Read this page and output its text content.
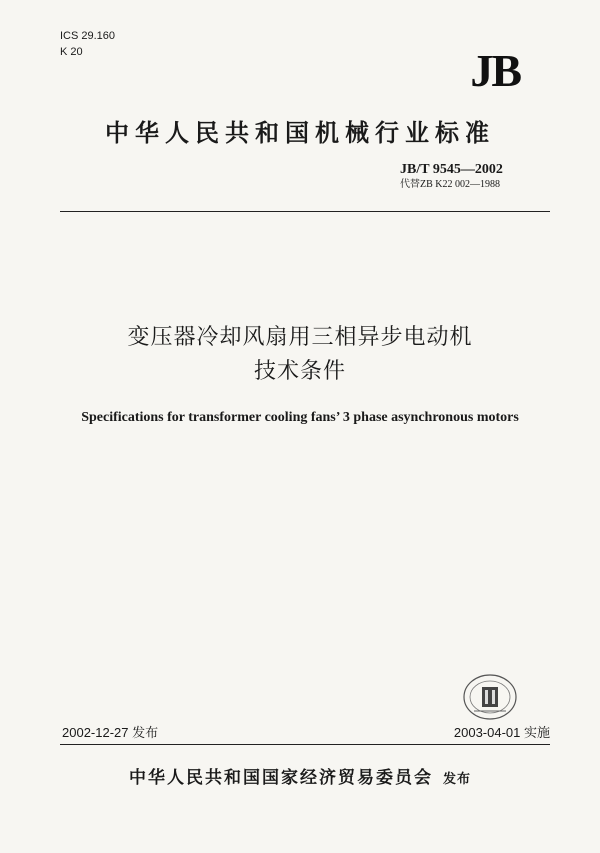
ICS 29.160
K 20	JB
中华人民共和国机械行业标准
JB/T 9545—2002
代替ZB K22 002—1988
变压器冷却风扇用三相异步电动机
技术条件
Specifications for transformer cooling fans’ 3 phase asynchronous motors
2002-12-27 发布	2003-04-01 实施
中华人民共和国国家经济贸易委员会 发布
